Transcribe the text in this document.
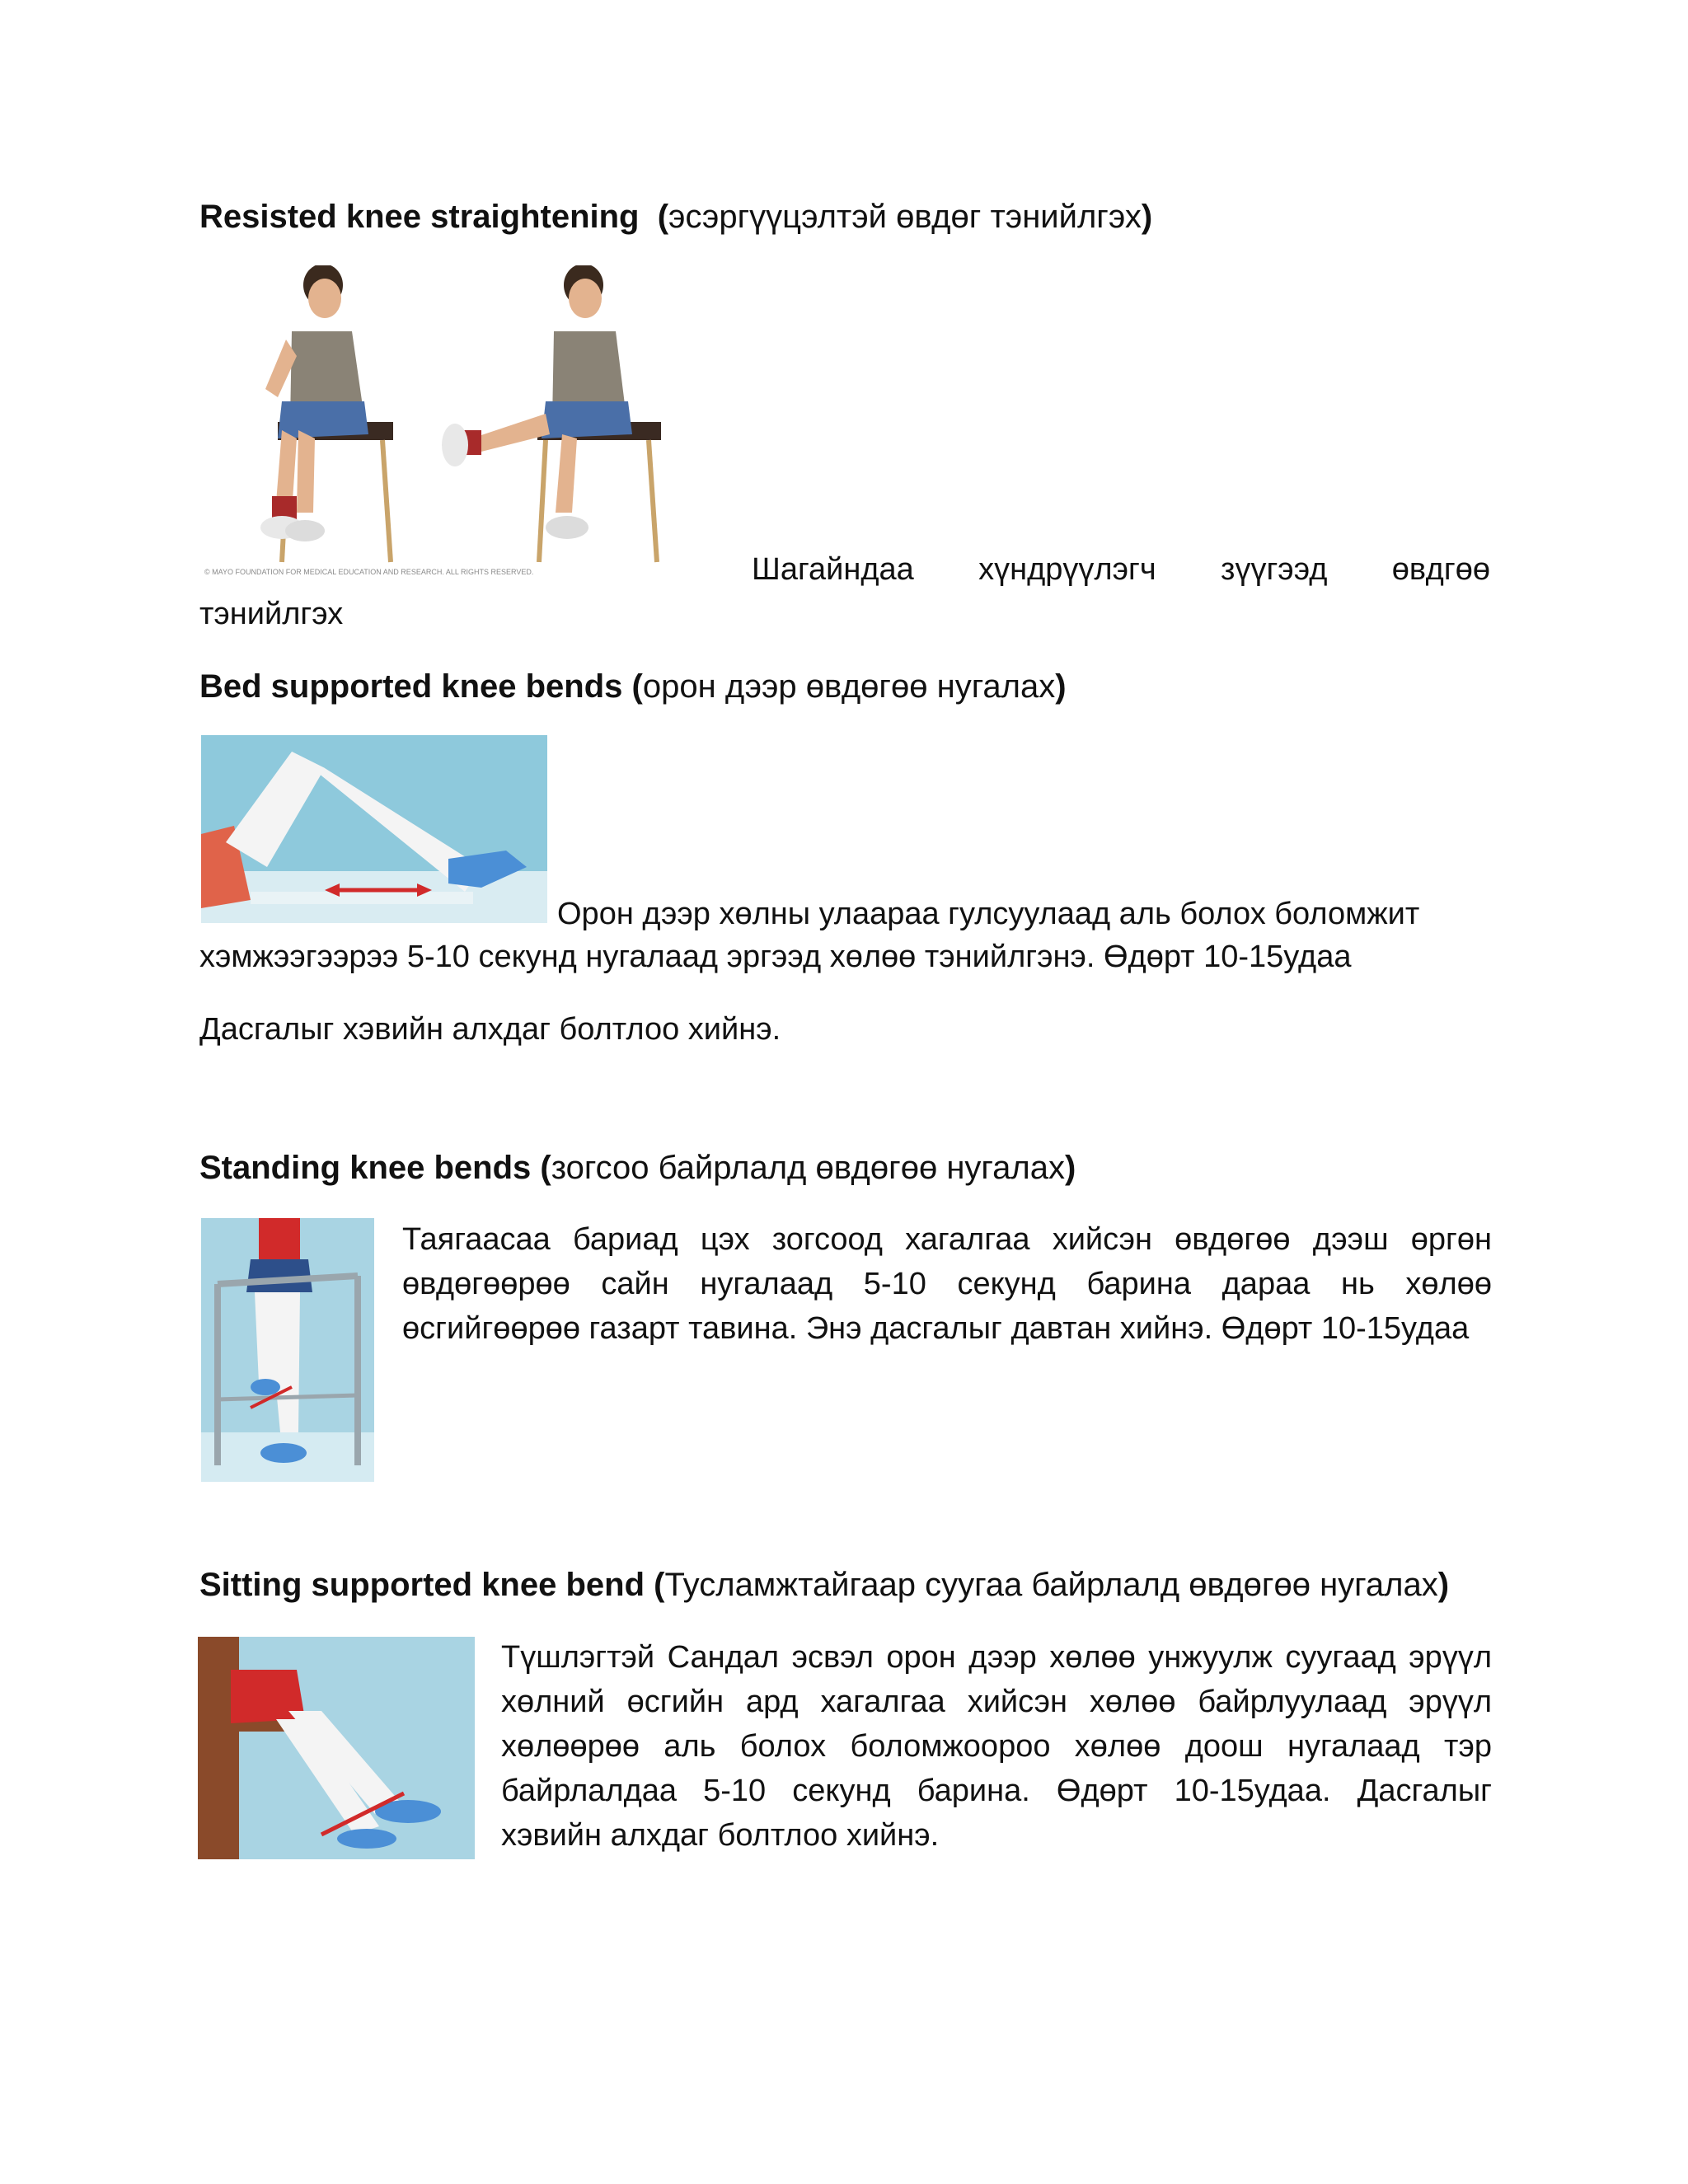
Resisted knee straightening (эсэргүүцэлтэй өвдөг тэнийлгэх)
© MAYO FOUNDATION FOR MEDICAL EDUCATION AND RESEARCH. ALL RIGHTS RESERVED.	Шагайндаа хүндрүүлэгч зүүгээд өвдгөө
тэнийлгэх
Bed supported knee bends (орон дээр өвдөгөө нугалах)
Орон дээр хөлны улаараа гулсуулаад аль болох боломжит
хэмжээгээрээ 5-10 секунд нугалаад эргээд хөлөө тэнийлгэнэ. Өдөрт 10-15удаа
Дасгалыг хэвийн алхдаг болтлоо хийнэ.
Standing knee bends (зогсоо байрлалд өвдөгөө нугалах)
Таягаасаа бариад цэх зогсоод хагалгаа хийсэн өвдөгөө дээш өргөн өвдөгөөрөө сайн нугалаад 5-10 секунд барина дараа нь хөлөө өсгийгөөрөө газарт тавина. Энэ дасгалыг давтан хийнэ. Өдөрт 10-15удаа
Sitting supported knee bend (Тусламжтайгаар суугаа байрлалд өвдөгөө нугалах)
Түшлэгтэй Сандал эсвэл орон дээр хөлөө унжуулж суугаад эрүүл хөлний өсгийн ард хагалгаа хийсэн хөлөө байрлуулаад эрүүл хөлөөрөө аль болох боломжоороо хөлөө доош нугалаад тэр байрлалдаа 5-10 секунд барина. Өдөрт 10-15удаа. Дасгалыг хэвийн алхдаг болтлоо хийнэ.
